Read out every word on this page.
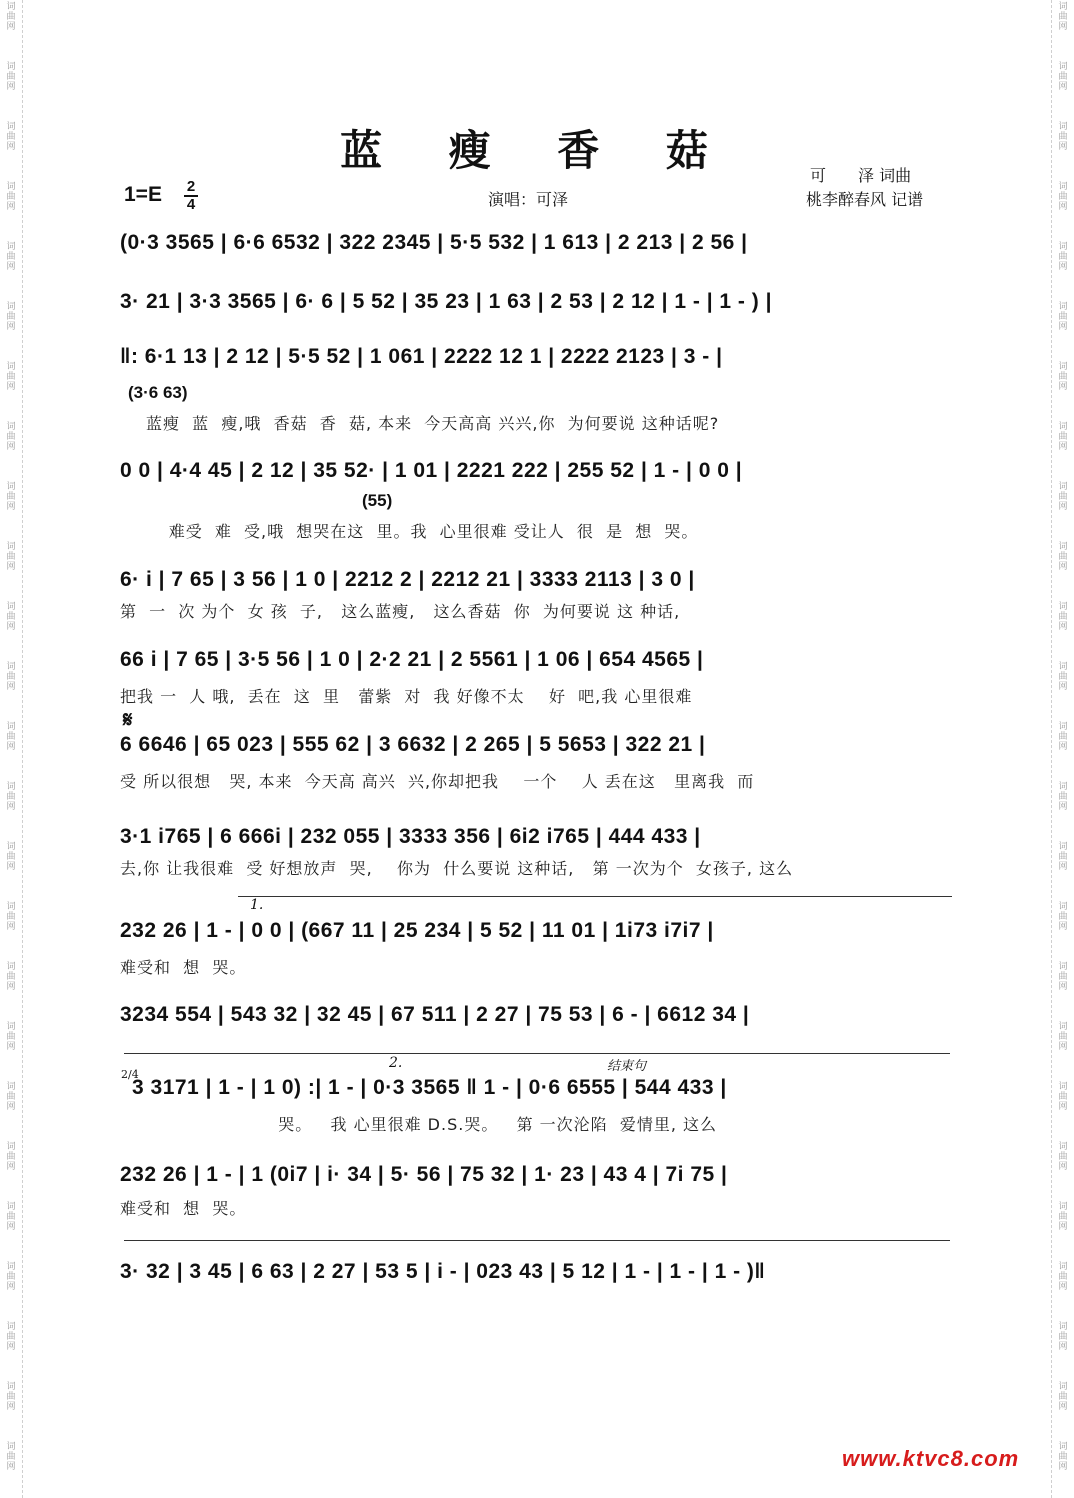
词曲网
词曲网
词曲网
词曲网
词曲网
词曲网
词曲网
词曲网
词曲网
词曲网
词曲网
词曲网
词曲网
词曲网
词曲网
词曲网
词曲网
词曲网
词曲网
词曲网
词曲网
词曲网
词曲网
词曲网
词曲网
词曲网
词曲网
词曲网
词曲网
词曲网
词曲网
词曲网
词曲网
词曲网
词曲网
词曲网
词曲网
词曲网
词曲网
词曲网
词曲网
词曲网
词曲网
词曲网
词曲网
词曲网
词曲网
词曲网
词曲网
词曲网
蓝 瘦 香 菇
可　　泽 词曲
桃李醉春风 记谱
演唱：可泽
1=E 2
4
(0·3 3565 | 6·6 6532 | 322 2345 | 5·5 532 | 1 613 | 2 213 | 2 56 |
3· 21 | 3·3 3565 | 6· 6 | 5 52 | 35 23 | 1 63 | 2 53 | 2 12 | 1 - | 1 - ) |
‖: 6·1 13 | 2 12 | 5·5 52 | 1 061 | 2222 12 1 | 2222 2123 | 3 - |
(3·6 63)
蓝瘦  蓝  瘦,哦  香菇  香  菇, 本来  今天高高 兴兴,你  为何要说 这种话呢?
0 0 | 4·4 45 | 2 12 | 35 52· | 1 01 | 2221 222 | 255 52 | 1 - | 0 0 |
(55)
难受  难  受,哦  想哭在这  里。我  心里很难 受让人  很  是  想  哭。
6· i | 7 65 | 3 56 | 1 0 | 2212 2 | 2212 21 | 3333 2113 | 3 0 |
第  一  次 为个  女 孩  子,   这么蓝瘦,   这么香菇  你  为何要说 这 种话,
66 i | 7 65 | 3·5 56 | 1 0 | 2·2 21 | 2 5561 | 1 06 | 654 4565 |
把我 一  人 哦,  丢在  这  里   蕾紫  对  我 好像不太    好  吧,我 心里很难
𝄋
6 6646 | 65 023 | 555 62 | 3 6632 | 2 265 | 5 5653 | 322 21 |
受 所以很想   哭, 本来  今天高 高兴  兴,你却把我    一个    人 丢在这   里离我  而
3·1 i765 | 6 666i | 232 055 | 3333 356 | 6i2 i765 | 444 433 |
去,你 让我很难  受 好想放声  哭,    你为  什么要说 这种话,   第 一次为个  女孩子, 这么
1.
232 26 | 1 - | 0 0 | (667 11 | 25 234 | 5 52 | 11 01 | 1i73 i7i7 |
难受和  想  哭。
3234 554 | 543 32 | 32 45 | 67 511 | 2 27 | 75 53 | 6 - | 6612 34 |
2.	结束句
2/4
3 3171 | 1 - | 1 0) :| 1 - | 0·3 3565 ‖ 1 - | 0·6 6555 | 544 433 |
哭。   我 心里很难 D.S.哭。   第 一次沦陷  爱情里, 这么
232 26 | 1 - | 1 (0i7 | i· 34 | 5· 56 | 75 32 | 1· 23 | 43 4 | 7i 75 |
难受和  想  哭。
3· 32 | 3 45 | 6 63 | 2 27 | 53 5 | i - | 023 43 | 5 12 | 1 - | 1 - | 1 - )‖
www.ktvc8.com
